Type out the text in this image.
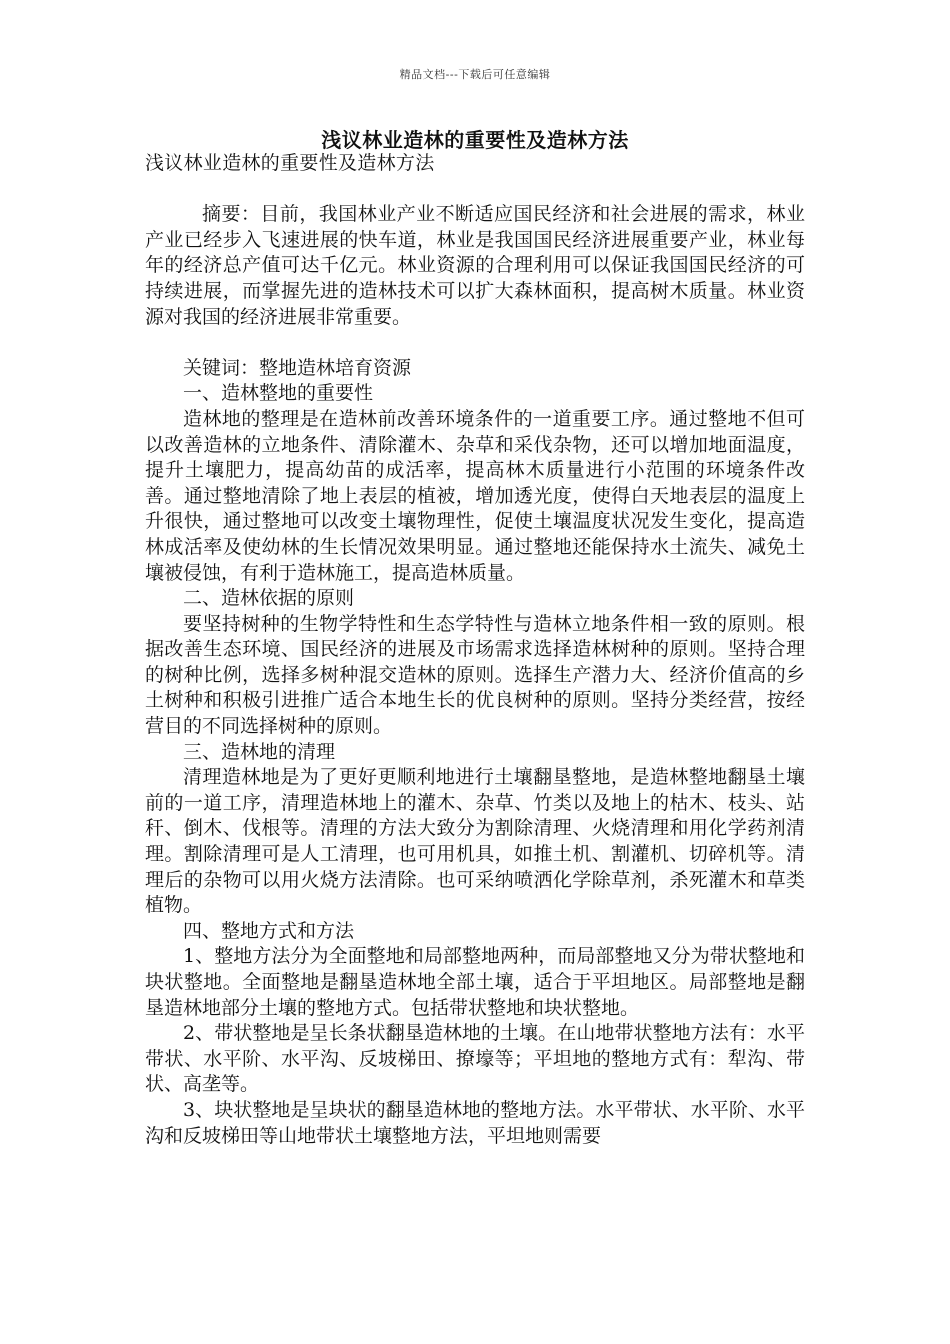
精品文档---下载后可任意编辑
浅议林业造林的重要性及造林方法

浅议林业造林的重要性及造林方法

摘要：目前，我国林业产业不断适应国民经济和社会进展的需求，林业产业已经步入飞速进展的快车道，林业是我国国民经济进展重要产业，林业每年的经济总产值可达千亿元。林业资源的合理利用可以保证我国国民经济的可持续进展，而掌握先进的造林技术可以扩大森林面积，提高树木质量。林业资源对我国的经济进展非常重要。

关键词：整地造林培育资源

一、造林整地的重要性

造林地的整理是在造林前改善环境条件的一道重要工序。通过整地不但可以改善造林的立地条件、清除灌木、杂草和采伐杂物，还可以增加地面温度，提升土壤肥力，提高幼苗的成活率，提高林木质量进行小范围的环境条件改善。通过整地清除了地上表层的植被，增加透光度，使得白天地表层的温度上升很快，通过整地可以改变土壤物理性，促使土壤温度状况发生变化，提高造林成活率及使幼林的生长情况效果明显。通过整地还能保持水土流失、减免土壤被侵蚀，有利于造林施工，提高造林质量。

二、造林依据的原则

要坚持树种的生物学特性和生态学特性与造林立地条件相一致的原则。根据改善生态环境、国民经济的进展及市场需求选择造林树种的原则。坚持合理的树种比例，选择多树种混交造林的原则。选择生产潜力大、经济价值高的乡土树种和积极引进推广适合本地生长的优良树种的原则。坚持分类经营，按经营目的不同选择树种的原则。

三、造林地的清理

清理造林地是为了更好更顺利地进行土壤翻垦整地，是造林整地翻垦土壤前的一道工序，清理造林地上的灌木、杂草、竹类以及地上的枯木、枝头、站秆、倒木、伐根等。清理的方法大致分为割除清理、火烧清理和用化学药剂清理。割除清理可是人工清理，也可用机具，如推土机、割灌机、切碎机等。清理后的杂物可以用火烧方法清除。也可采纳喷洒化学除草剂，杀死灌木和草类植物。

四、整地方式和方法

1、整地方法分为全面整地和局部整地两种，而局部整地又分为带状整地和块状整地。全面整地是翻垦造林地全部土壤，适合于平坦地区。局部整地是翻垦造林地部分土壤的整地方式。包括带状整地和块状整地。

2、带状整地是呈长条状翻垦造林地的土壤。在山地带状整地方法有：水平带状、水平阶、水平沟、反坡梯田、撩壕等；平坦地的整地方式有：犁沟、带状、高垄等。

3、块状整地是呈块状的翻垦造林地的整地方法。水平带状、水平阶、水平沟和反坡梯田等山地带状土壤整地方法，平坦地则需要
